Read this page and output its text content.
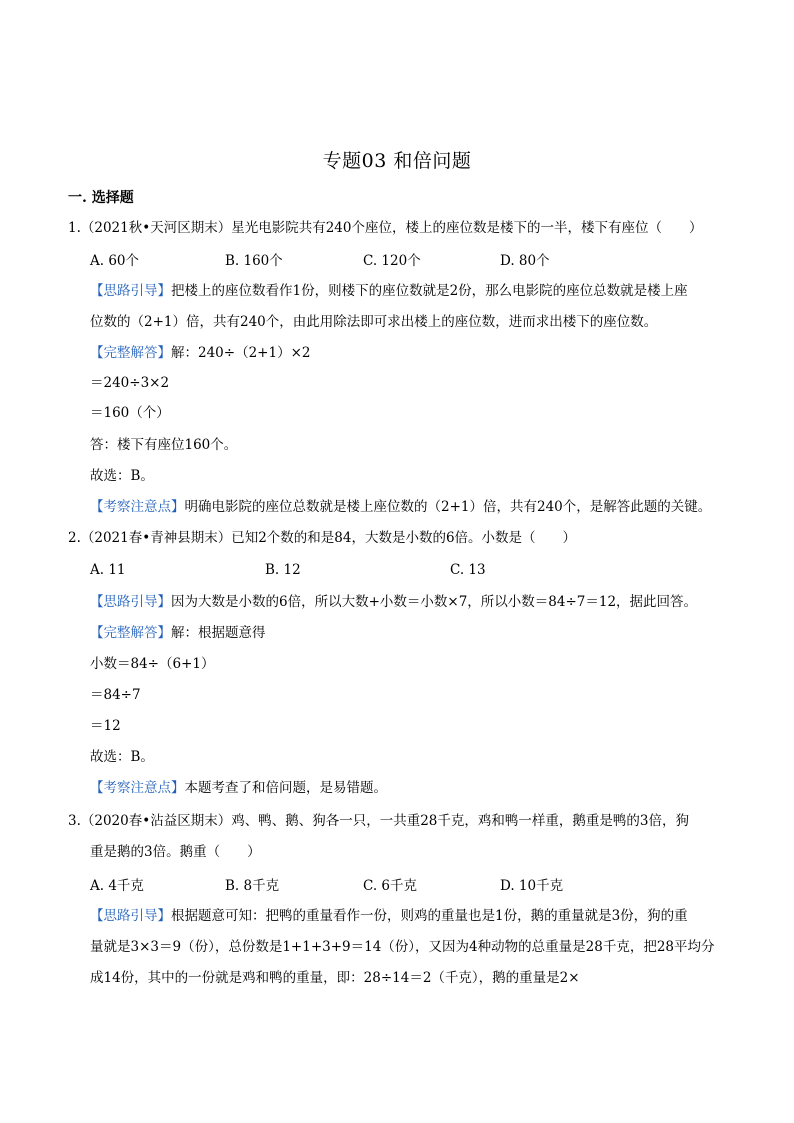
专题03 和倍问题
一. 选择题
1.（2021秋•天河区期末）星光电影院共有240个座位，楼上的座位数是楼下的一半，楼下有座位（　　）
A. 60个	B. 160个	C. 120个	D. 80个
【思路引导】把楼上的座位数看作1份，则楼下的座位数就是2份，那么电影院的座位总数就是楼上座
位数的（2+1）倍，共有240个，由此用除法即可求出楼上的座位数，进而求出楼下的座位数。
【完整解答】解：240÷（2+1）×2
＝240÷3×2
＝160（个）
答：楼下有座位160个。
故选：B。
【考察注意点】明确电影院的座位总数就是楼上座位数的（2+1）倍，共有240个，是解答此题的关键。
2.（2021春•青神县期末）已知2个数的和是84，大数是小数的6倍。小数是（　　）
A. 11	B. 12	C. 13
【思路引导】因为大数是小数的6倍，所以大数+小数＝小数×7，所以小数＝84÷7＝12，据此回答。
【完整解答】解：根据题意得
小数＝84÷（6+1）
＝84÷7
＝12
故选：B。
【考察注意点】本题考查了和倍问题，是易错题。
3.（2020春•沾益区期末）鸡、鸭、鹅、狗各一只，一共重28千克，鸡和鸭一样重，鹅重是鸭的3倍，狗
重是鹅的3倍。鹅重（　　）
A. 4千克	B. 8千克	C. 6千克	D. 10千克
【思路引导】根据题意可知：把鸭的重量看作一份，则鸡的重量也是1份，鹅的重量就是3份，狗的重
量就是3×3＝9（份），总份数是1+1+3+9＝14（份），又因为4种动物的总重量是28千克，把28平均分
成14份，其中的一份就是鸡和鸭的重量，即：28÷14＝2（千克），鹅的重量是2×
